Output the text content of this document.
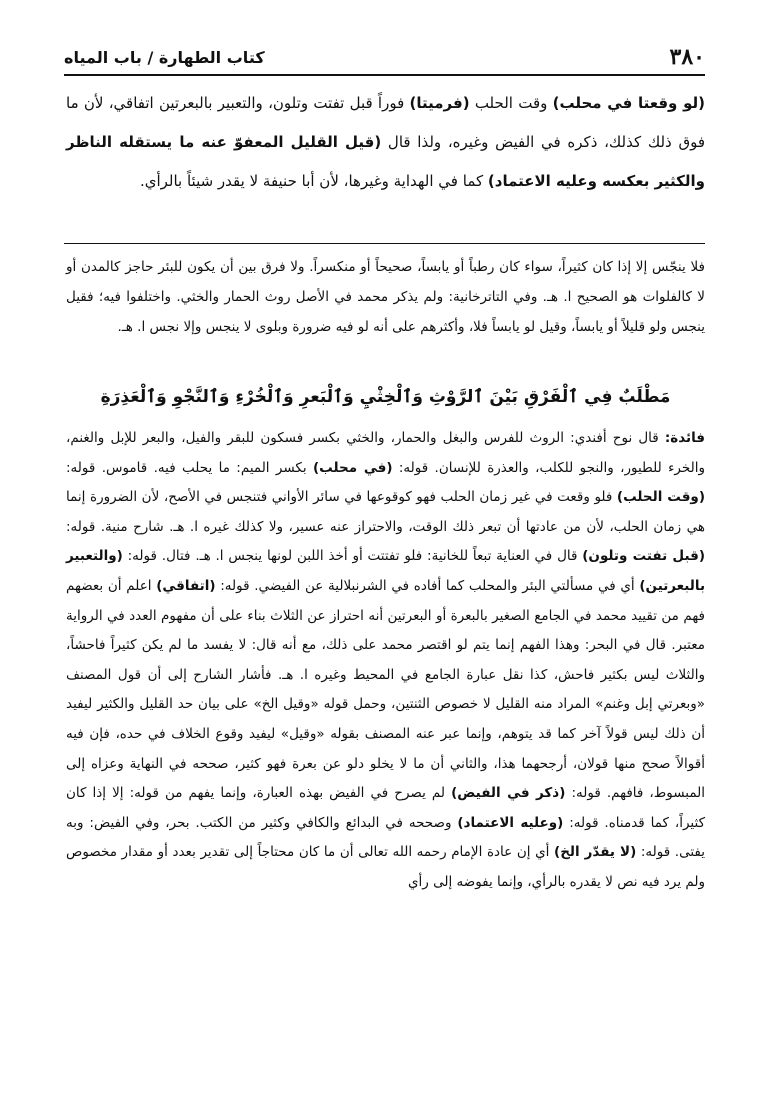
٣٨٠
كتاب الطهارة / باب المياه
(لو وقعتا في محلب) وقت الحلب (فرميتا) فوراً قبل تفتت وتلون، والتعبير بالبعرتين اتفاقي، لأن ما فوق ذلك كذلك، ذكره في الفيض وغيره، ولذا قال (قيل القليل المعفوّ عنه ما يستقله الناظر والكثير بعكسه وعليه الاعتماد) كما في الهداية وغيرها، لأن أبا حنيفة لا يقدر شيئاً بالرأي.
فلا ينجّس إلا إذا كان كثيراً، سواء كان رطباً أو يابساً، صحيحاً أو منكسراً. ولا فرق بين أن يكون للبئر حاجز كالمدن أو لا كالفلوات هو الصحيح ا. هـ. وفي التاترخانية: ولم يذكر محمد في الأصل روث الحمار والخثي. واختلفوا فيه؛ فقيل ينجس ولو قليلاً أو يابساً، وقيل لو يابساً فلا، وأكثرهم على أنه لو فيه ضرورة وبلوى لا ينجس وإلا نجس ا. هـ.
مَطْلَبٌ فِي ٱلْفَرْقِ بَيْنَ ٱلرَّوْثِ وَٱلْخِثْيِ وَٱلْبَعرِ وَٱلْخُرْءِ وَٱلنَّجْوِ وَٱلْعَذِرَةِ
فائدة: قال نوح أفندي: الروث للفرس والبغل والحمار، والخثي بكسر فسكون للبقر والفيل، والبعر للإبل والغنم، والخرء للطيور، والنجو للكلب، والعذرة للإنسان. قوله: (في محلب) بكسر الميم: ما يحلب فيه. قاموس. قوله: (وقت الحلب) فلو وقعت في غير زمان الحلب فهو كوقوعها في سائر الأواني فتنجس في الأصح، لأن الضرورة إنما هي زمان الحلب، لأن من عادتها أن تبعر ذلك الوقت، والاحتراز عنه عسير، ولا كذلك غيره ا. هـ. شارح منية. قوله: (قبل تفتت وتلون) قال في العناية تبعاً للخانية: فلو تفتتت أو أخذ اللبن لونها ينجس ا. هـ. فتال. قوله: (والتعبير بالبعرتين) أي في مسألتي البئر والمحلب كما أفاده في الشرنبلالية عن الفيضي. قوله: (اتفاقي) اعلم أن بعضهم فهم من تقييد محمد في الجامع الصغير بالبعرة أو البعرتين أنه احتراز عن الثلاث بناء على أن مفهوم العدد في الرواية معتبر. قال في البحر: وهذا الفهم إنما يتم لو اقتصر محمد على ذلك، مع أنه قال: لا يفسد ما لم يكن كثيراً فاحشاً، والثلاث ليس بكثير فاحش، كذا نقل عبارة الجامع في المحيط وغيره ا. هـ. فأشار الشارح إلى أن قول المصنف «وبعرتي إبل وغنم» المراد منه القليل لا خصوص الثنتين، وحمل قوله «وقيل الخ» على بيان حد القليل والكثير ليفيد أن ذلك ليس قولاً آخر كما قد يتوهم، وإنما عبر عنه المصنف بقوله «وقيل» ليفيد وقوع الخلاف في حده، فإن فيه أقوالاً صحح منها قولان، أرجحهما هذا، والثاني أن ما لا يخلو دلو عن بعرة فهو كثير، صححه في النهاية وعزاه إلى المبسوط، فافهم. قوله: (ذكر في الفيض) لم يصرح في الفيض بهذه العبارة، وإنما يفهم من قوله: إلا إذا كان كثيراً، كما قدمناه. قوله: (وعليه الاعتماد) وصححه في البدائع والكافي وكثير من الكتب. بحر، وفي الفيض: وبه يفتى. قوله: (لا يقدّر الخ) أي إن عادة الإمام رحمه الله تعالى أن ما كان محتاجاً إلى تقدير بعدد أو مقدار مخصوص ولم يرد فيه نص لا يقدره بالرأي، وإنما يفوضه إلى رأي
